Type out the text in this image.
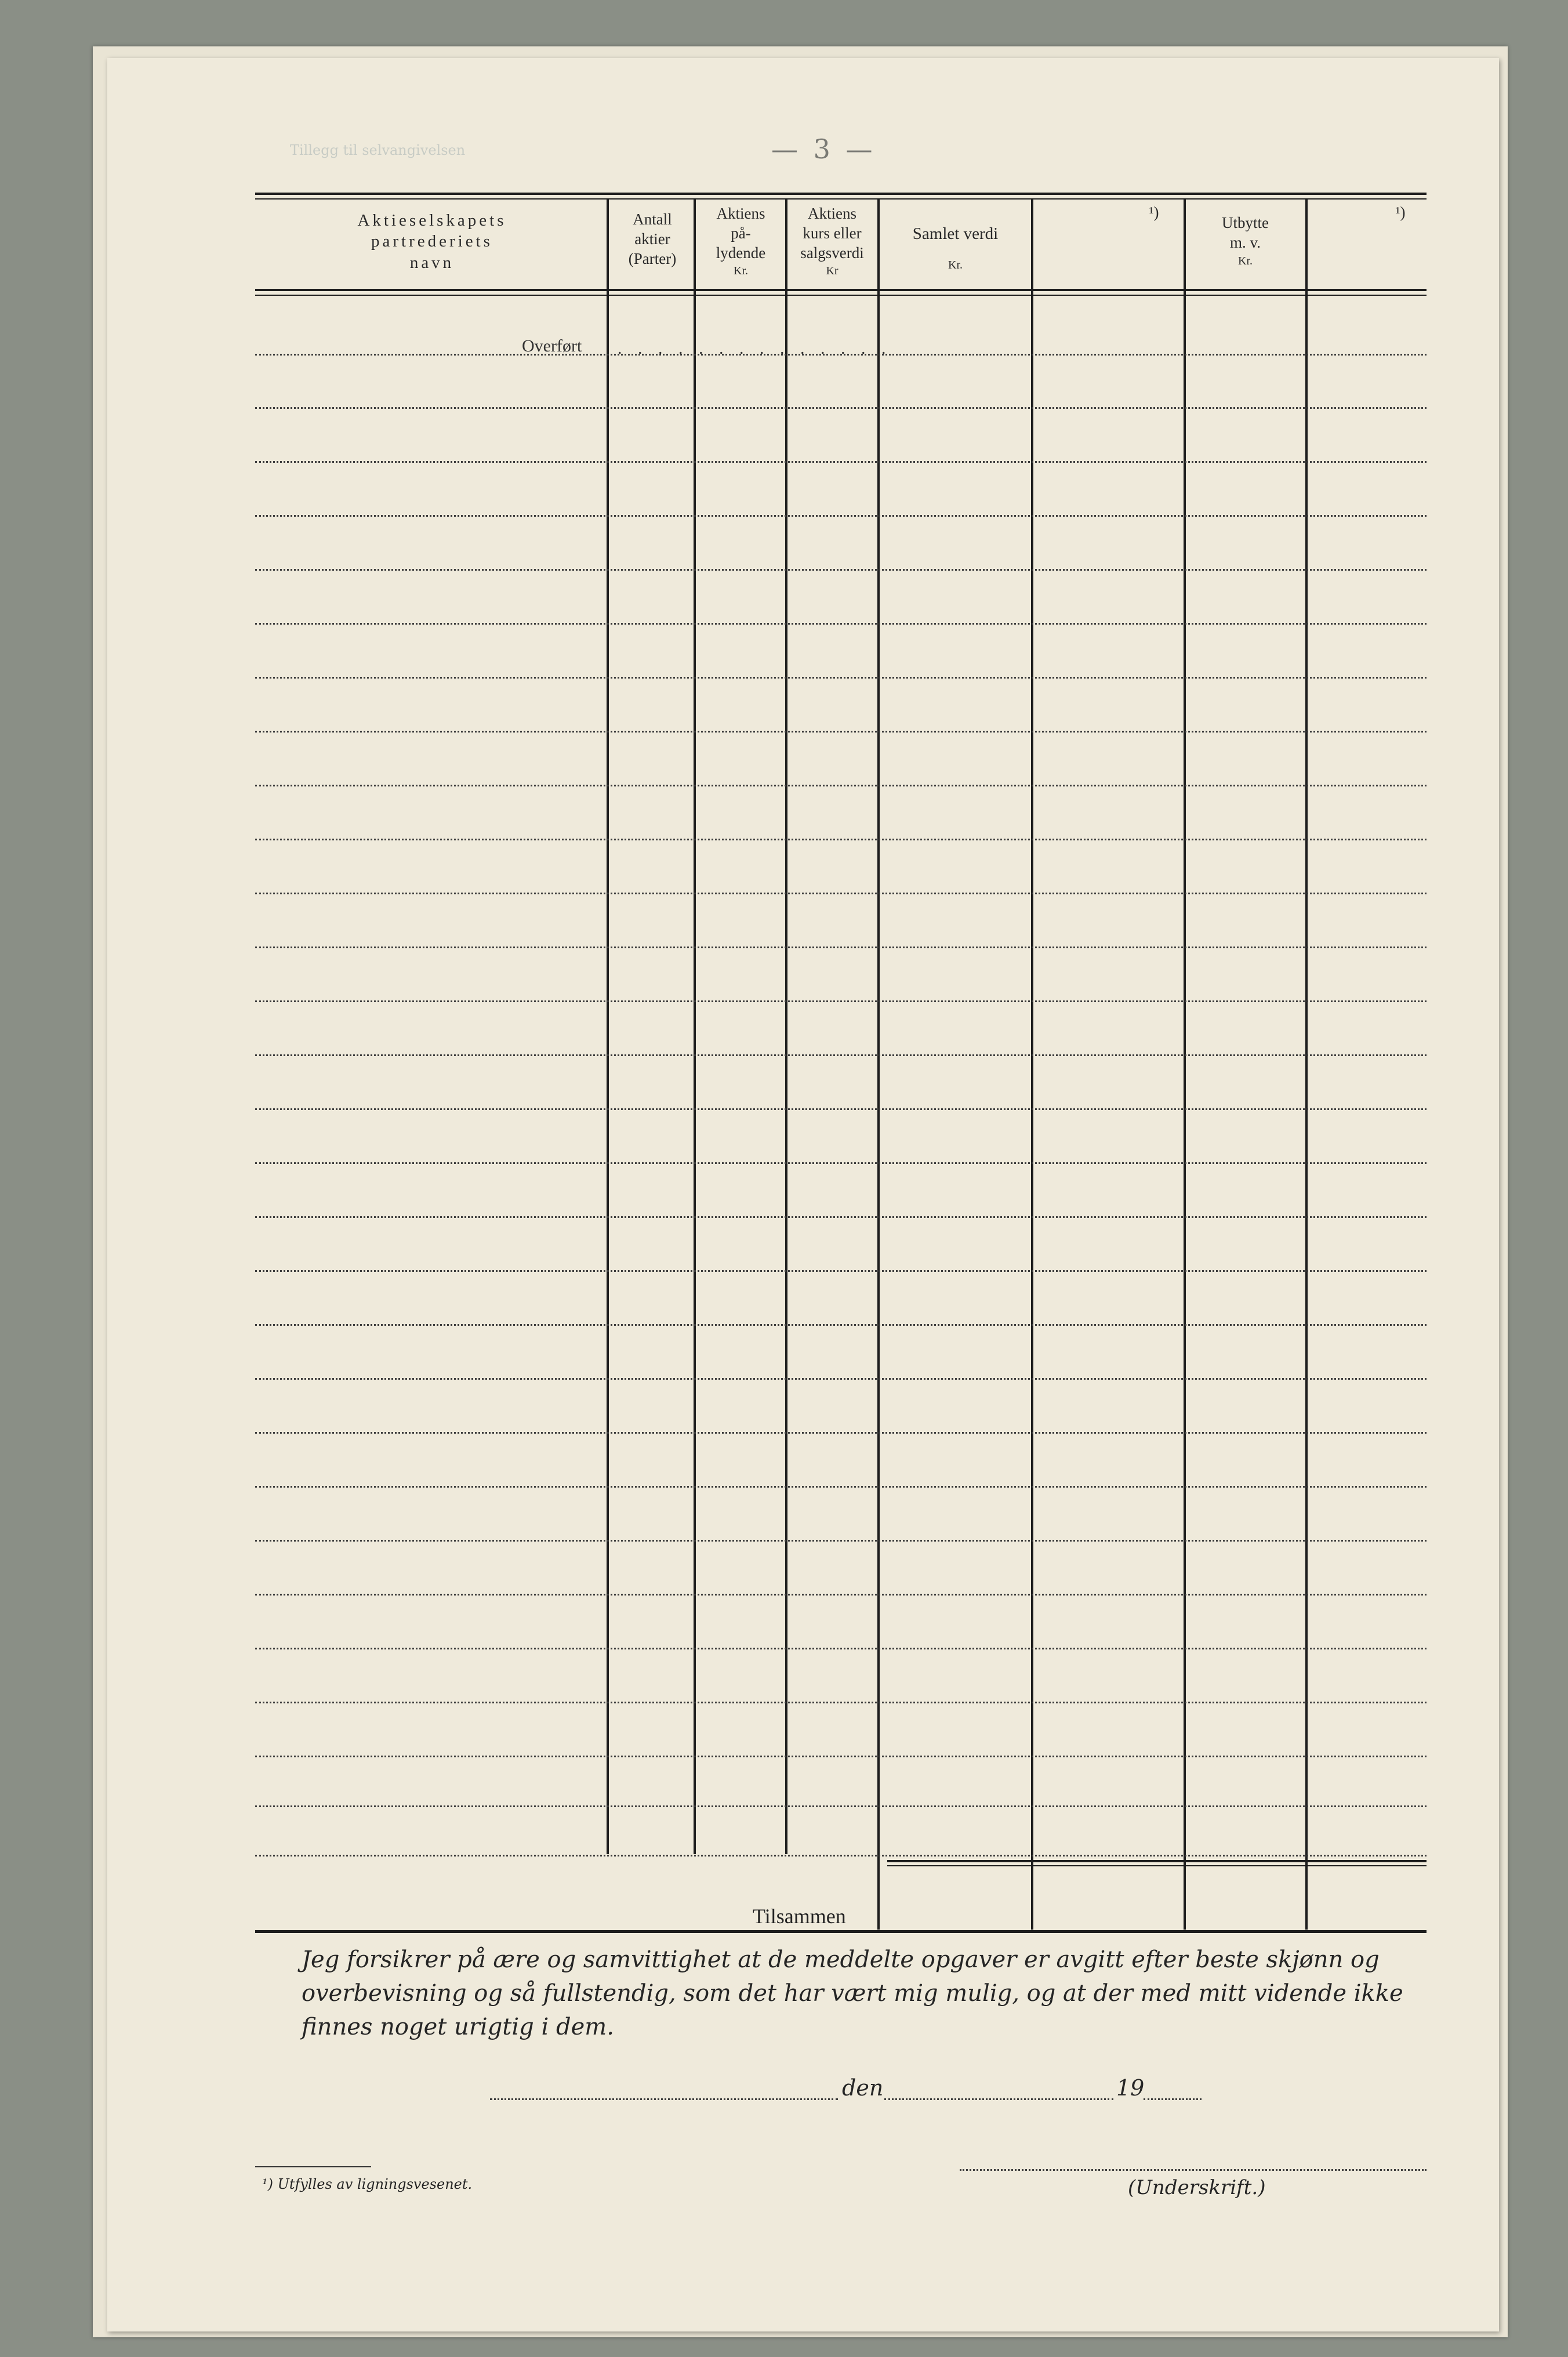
Tillegg til selvangivelsen	— 3 —
Aktieselskapets
partrederiets
navn
Antall
aktier
(Parter)
Aktiens
på-
lydende
Kr.
Aktiens
kurs eller
salgsverdi
Kr
Samlet verdi
Kr.
¹)
Utbytte
m. v.
Kr.
¹)
Overført . . . . . . . . . . . . . .
Tilsammen

Jeg forsikrer på ære og samvittighet at de meddelte opgaver er avgitt efter beste skjønn og overbevisning og så fullstendig, som det har vært mig mulig, og at der med mitt vidende ikke finnes noget urigtig i dem.

den	19
(Underskrift.)
¹) Utfylles av ligningsvesenet.
